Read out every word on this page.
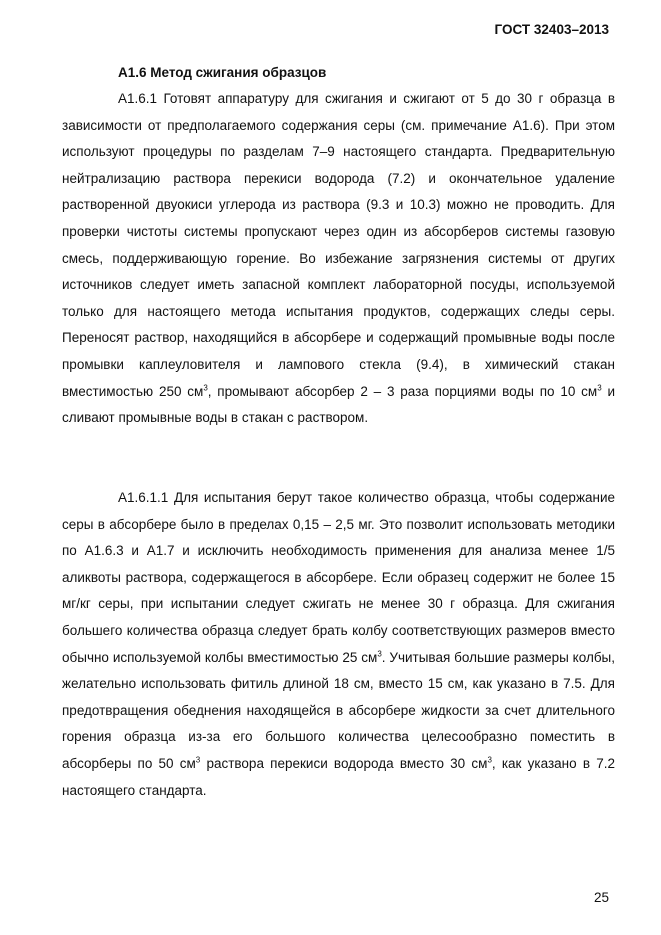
ГОСТ 32403–2013
А1.6 Метод сжигания образцов

А1.6.1 Готовят аппаратуру для сжигания и сжигают от 5 до 30 г образца в зависимости от предполагаемого содержания серы (см. примечание А1.6). При этом используют процедуры по разделам 7–9 настоящего стандарта. Предварительную нейтрализацию раствора перекиси водорода (7.2) и окончательное удаление растворенной двуокиси углерода из раствора (9.3 и 10.3) можно не проводить. Для проверки чистоты системы пропускают через один из абсорберов системы газовую смесь, поддерживающую горение. Во избежание загрязнения системы от других источников следует иметь запасной комплект лабораторной посуды, используемой только для настоящего метода испытания продуктов, содержащих следы серы. Переносят раствор, находящийся в абсорбере и содержащий промывные воды после промывки каплеуловителя и лампового стекла (9.4), в химический стакан вместимостью 250 $см^3$, промывают абсорбер 2 – 3 раза порциями воды по 10 $см^3$ и сливают промывные воды в стакан с раствором.

А1.6.1.1 Для испытания берут такое количество образца, чтобы содержание серы в абсорбере было в пределах 0,15 – 2,5 мг. Это позволит использовать методики по А1.6.3 и А1.7 и исключить необходимость применения для анализа менее 1/5 аликвоты раствора, содержащегося в абсорбере. Если образец содержит не более 15 мг/кг серы, при испытании следует сжигать не менее 30 г образца. Для сжигания большего количества образца следует брать колбу соответствующих размеров вместо обычно используемой колбы вместимостью 25 $см^3$. Учитывая большие размеры колбы, желательно использовать фитиль длиной 18 см, вместо 15 см, как указано в 7.5. Для предотвращения обеднения находящейся в абсорбере жидкости за счет длительного горения образца из-за его большого количества целесообразно поместить в абсорберы по 50 $см^3$ раствора перекиси водорода вместо 30 $см^3$, как указано в 7.2 настоящего стандарта.

25
